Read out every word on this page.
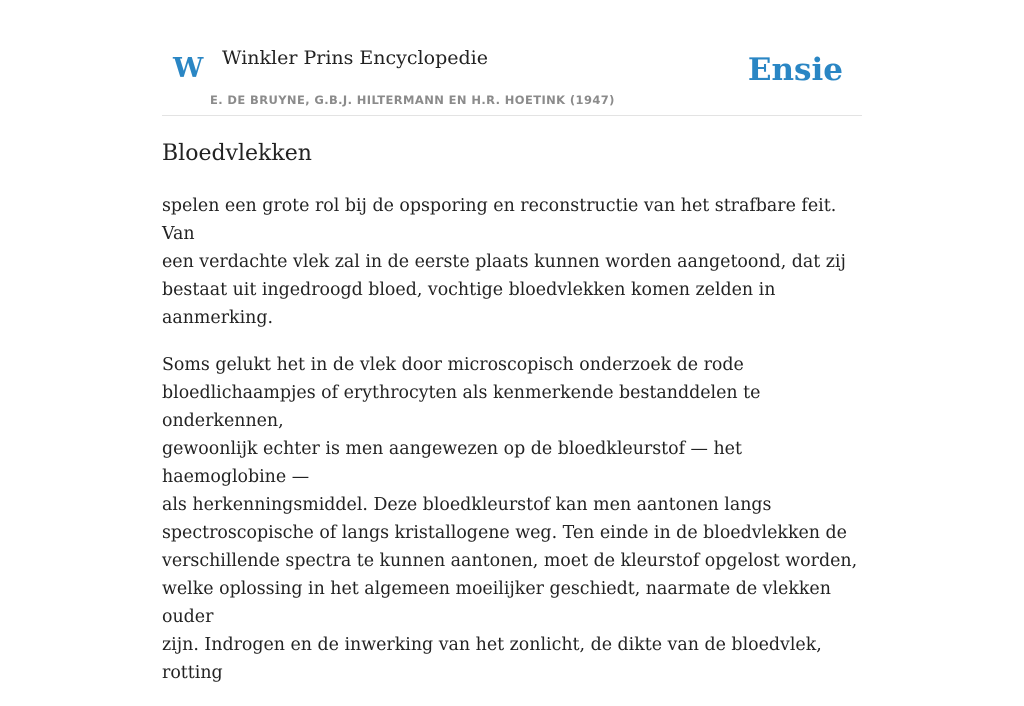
W Winkler Prins Encyclopedie
E. DE BRUYNE, G.B.J. HILTERMANN EN H.R. HOETINK (1947)
Ensie
Bloedvlekken

spelen een grote rol bij de opsporing en reconstructie van het strafbare feit. Van
een verdachte vlek zal in de eerste plaats kunnen worden aangetoond, dat zij
bestaat uit ingedroogd bloed, vochtige bloedvlekken komen zelden in aanmerking.

Soms gelukt het in de vlek door microscopisch onderzoek de rode
bloedlichaampjes of erythrocyten als kenmerkende bestanddelen te onderkennen,
gewoonlijk echter is men aangewezen op de bloedkleurstof — het haemoglobine —
als herkenningsmiddel. Deze bloedkleurstof kan men aantonen langs
spectroscopische of langs kristallogene weg. Ten einde in de bloedvlekken de
verschillende spectra te kunnen aantonen, moet de kleurstof opgelost worden,
welke oplossing in het algemeen moeilijker geschiedt, naarmate de vlekken ouder
zijn. Indrogen en de inwerking van het zonlicht, de dikte van de bloedvlek, rotting
